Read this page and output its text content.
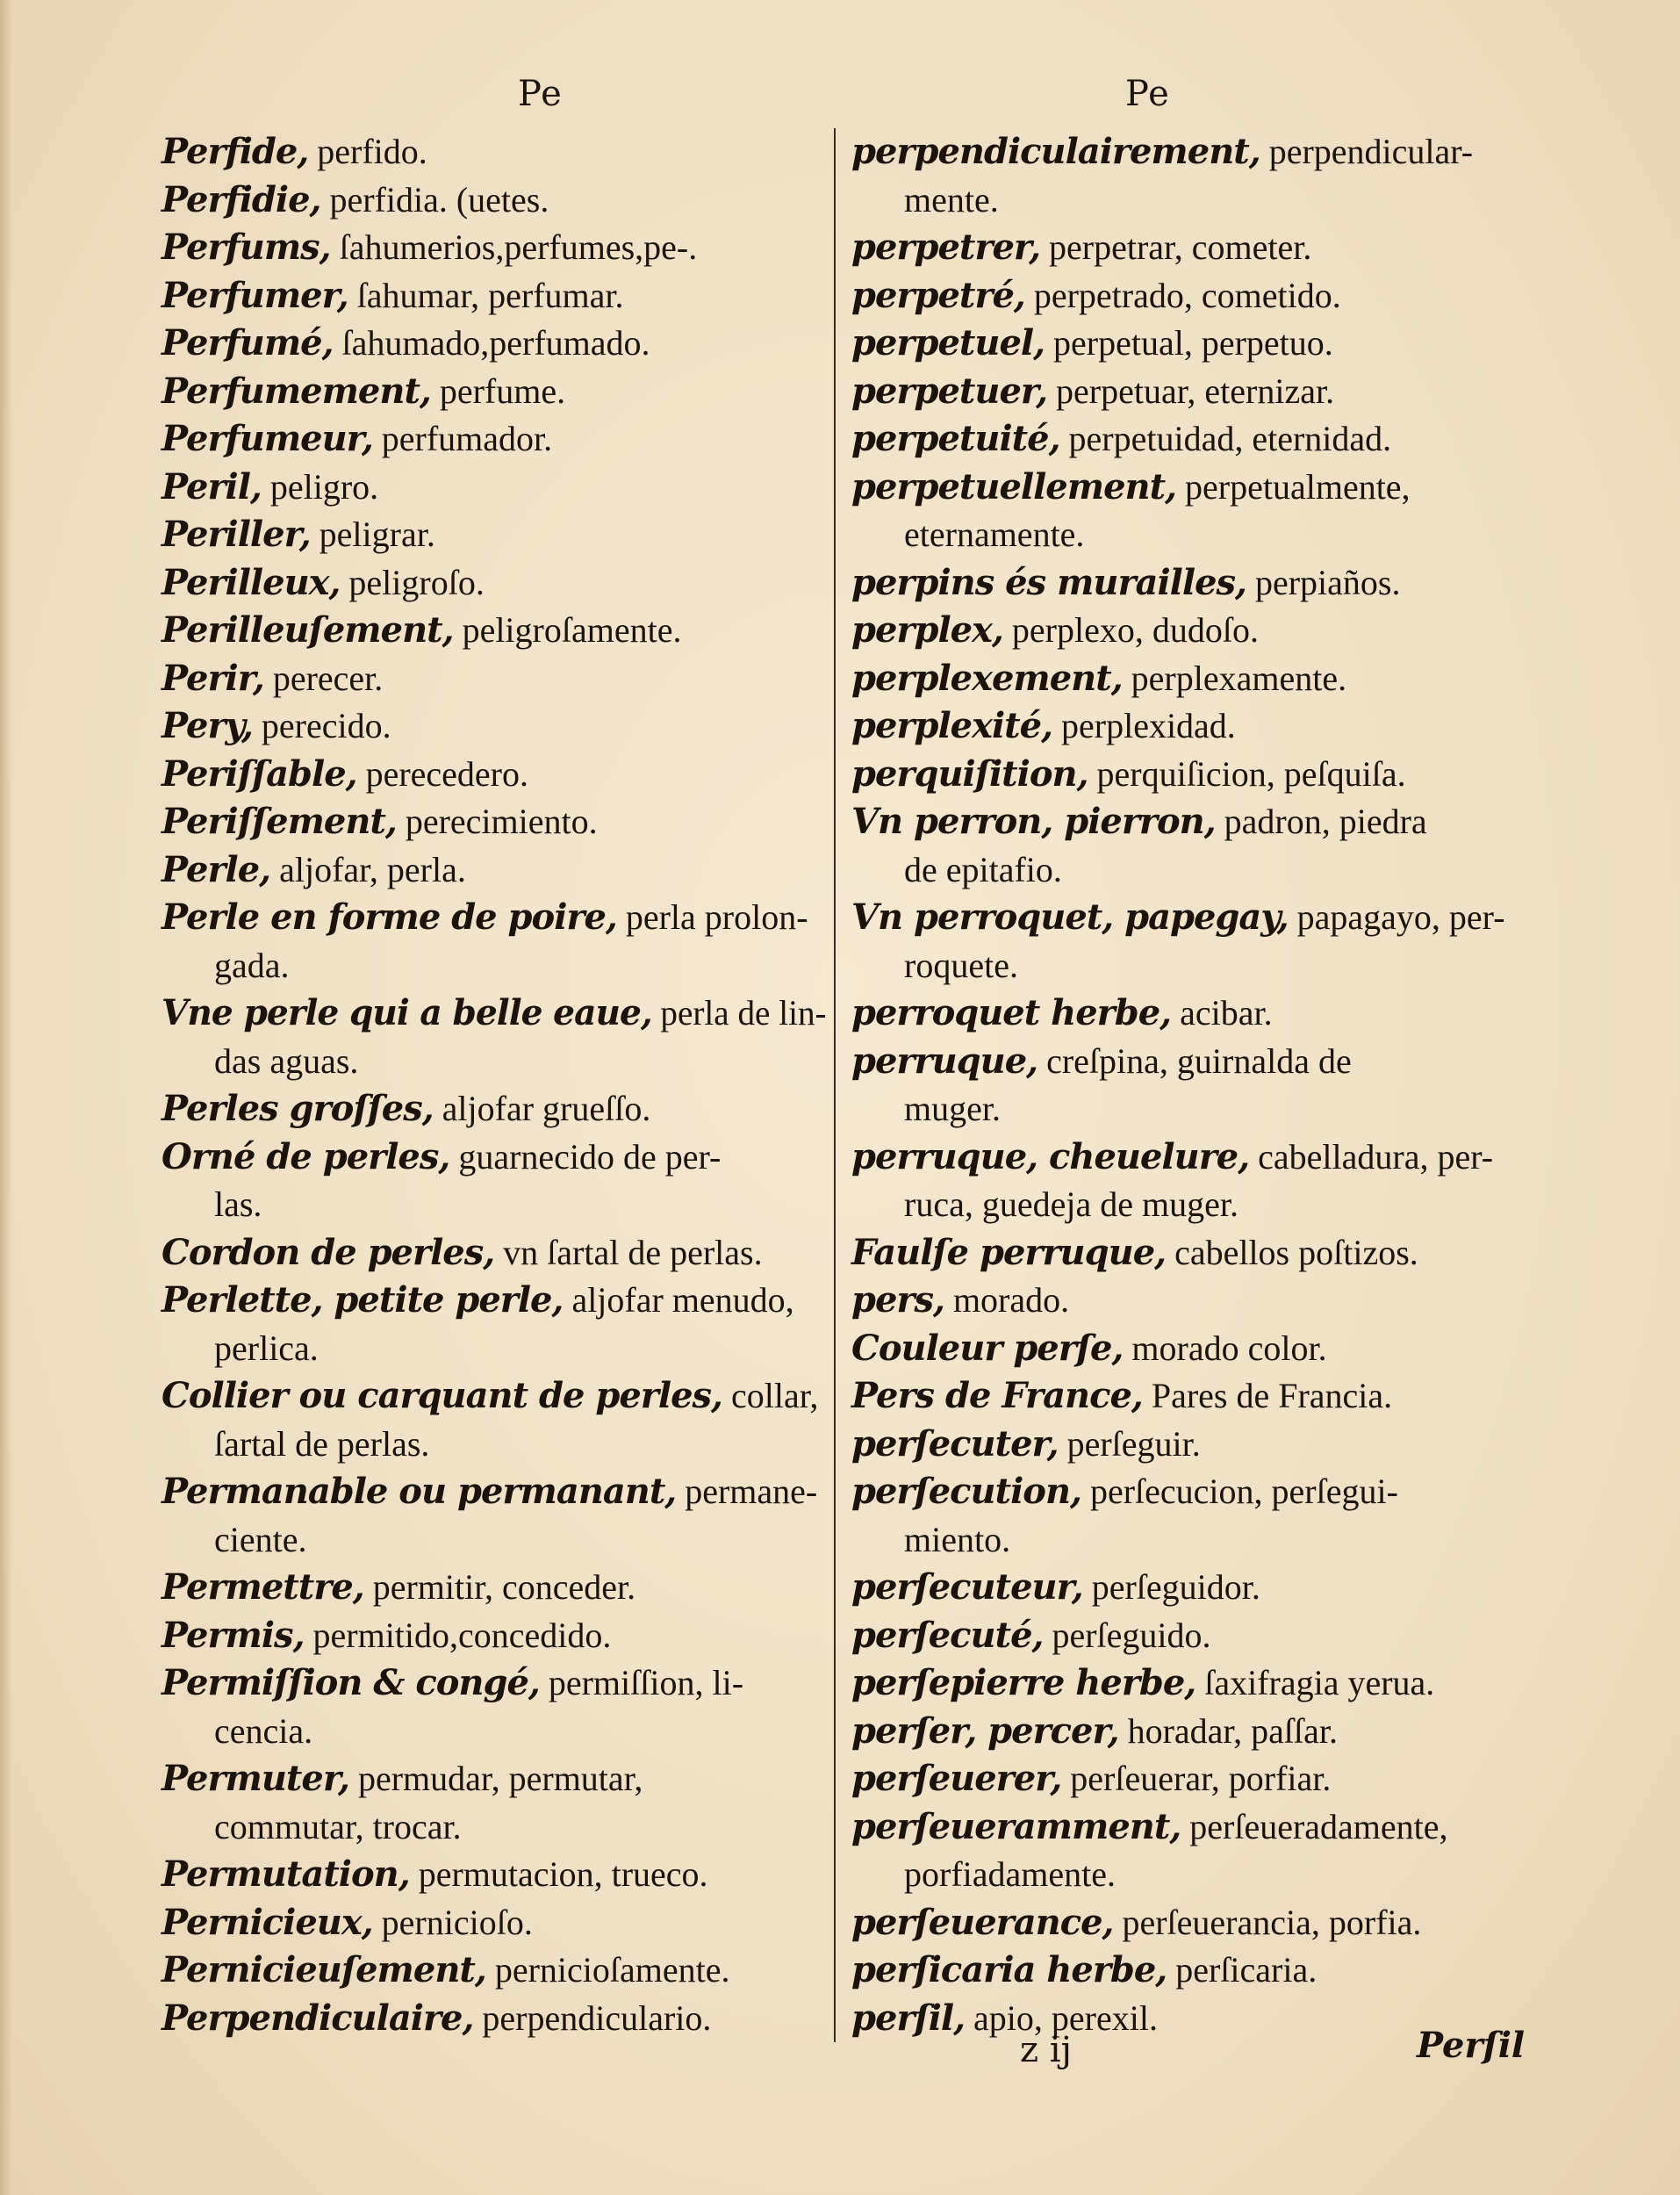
Pe	Pe
Perfide, perfido.
Perfidie, perfidia. (uetes.
Perfums, ſahumerios,perfumes,pe-.
Perfumer, ſahumar, perfumar.
Perfumé, ſahumado,perfumado.
Perfumement, perfume.
Perfumeur, perfumador.
Peril, peligro.
Periller, peligrar.
Perilleux, peligroſo.
Perilleuſement, peligroſamente.
Perir, perecer.
Pery, perecido.
Periſſable, perecedero.
Periſſement, perecimiento.
Perle, aljofar, perla.
Perle en forme de poire, perla prolon-
gada.
Vne perle qui a belle eaue, perla de lin-
das aguas.
Perles groſſes, aljofar grueſſo.
Orné de perles, guarnecido de per-
las.
Cordon de perles, vn ſartal de perlas.
Perlette, petite perle, aljofar menudo,
perlica.
Collier ou carquant de perles, collar,
ſartal de perlas.
Permanable ou permanant, permane-
ciente.
Permettre, permitir, conceder.
Permis, permitido,concedido.
Permiſſion & congé, permiſſion, li-
cencia.
Permuter, permudar, permutar,
commutar, trocar.
Permutation, permutacion, trueco.
Pernicieux, pernicioſo.
Pernicieuſement, pernicioſamente.
Perpendiculaire, perpendiculario.
perpendiculairement, perpendicular-
mente.
perpetrer, perpetrar, cometer.
perpetré, perpetrado, cometido.
perpetuel, perpetual, perpetuo.
perpetuer, perpetuar, eternizar.
perpetuité, perpetuidad, eternidad.
perpetuellement, perpetualmente,
eternamente.
perpins és murailles, perpiaños.
perplex, perplexo, dudoſo.
perplexement, perplexamente.
perplexité, perplexidad.
perquiſition, perquiſicion, peſquiſa.
Vn perron, pierron, padron, piedra
de epitafio.
Vn perroquet, papegay, papagayo, per-
roquete.
perroquet herbe, acibar.
perruque, creſpina, guirnalda de
muger.
perruque, cheuelure, cabelladura, per-
ruca, guedeja de muger.
Faulſe perruque, cabellos poſtizos.
pers, morado.
Couleur perſe, morado color.
Pers de France, Pares de Francia.
perſecuter, perſeguir.
perſecution, perſecucion, perſegui-
miento.
perſecuteur, perſeguidor.
perſecuté, perſeguido.
perſepierre herbe, ſaxifragia yerua.
perſer, percer, horadar, paſſar.
perſeuerer, perſeuerar, porfiar.
perſeueramment, perſeueradamente,
porfiadamente.
perſeuerance, perſeuerancia, porfia.
perſicaria herbe, perſicaria.
perſil, apio, perexil.
z ij	Perſil
